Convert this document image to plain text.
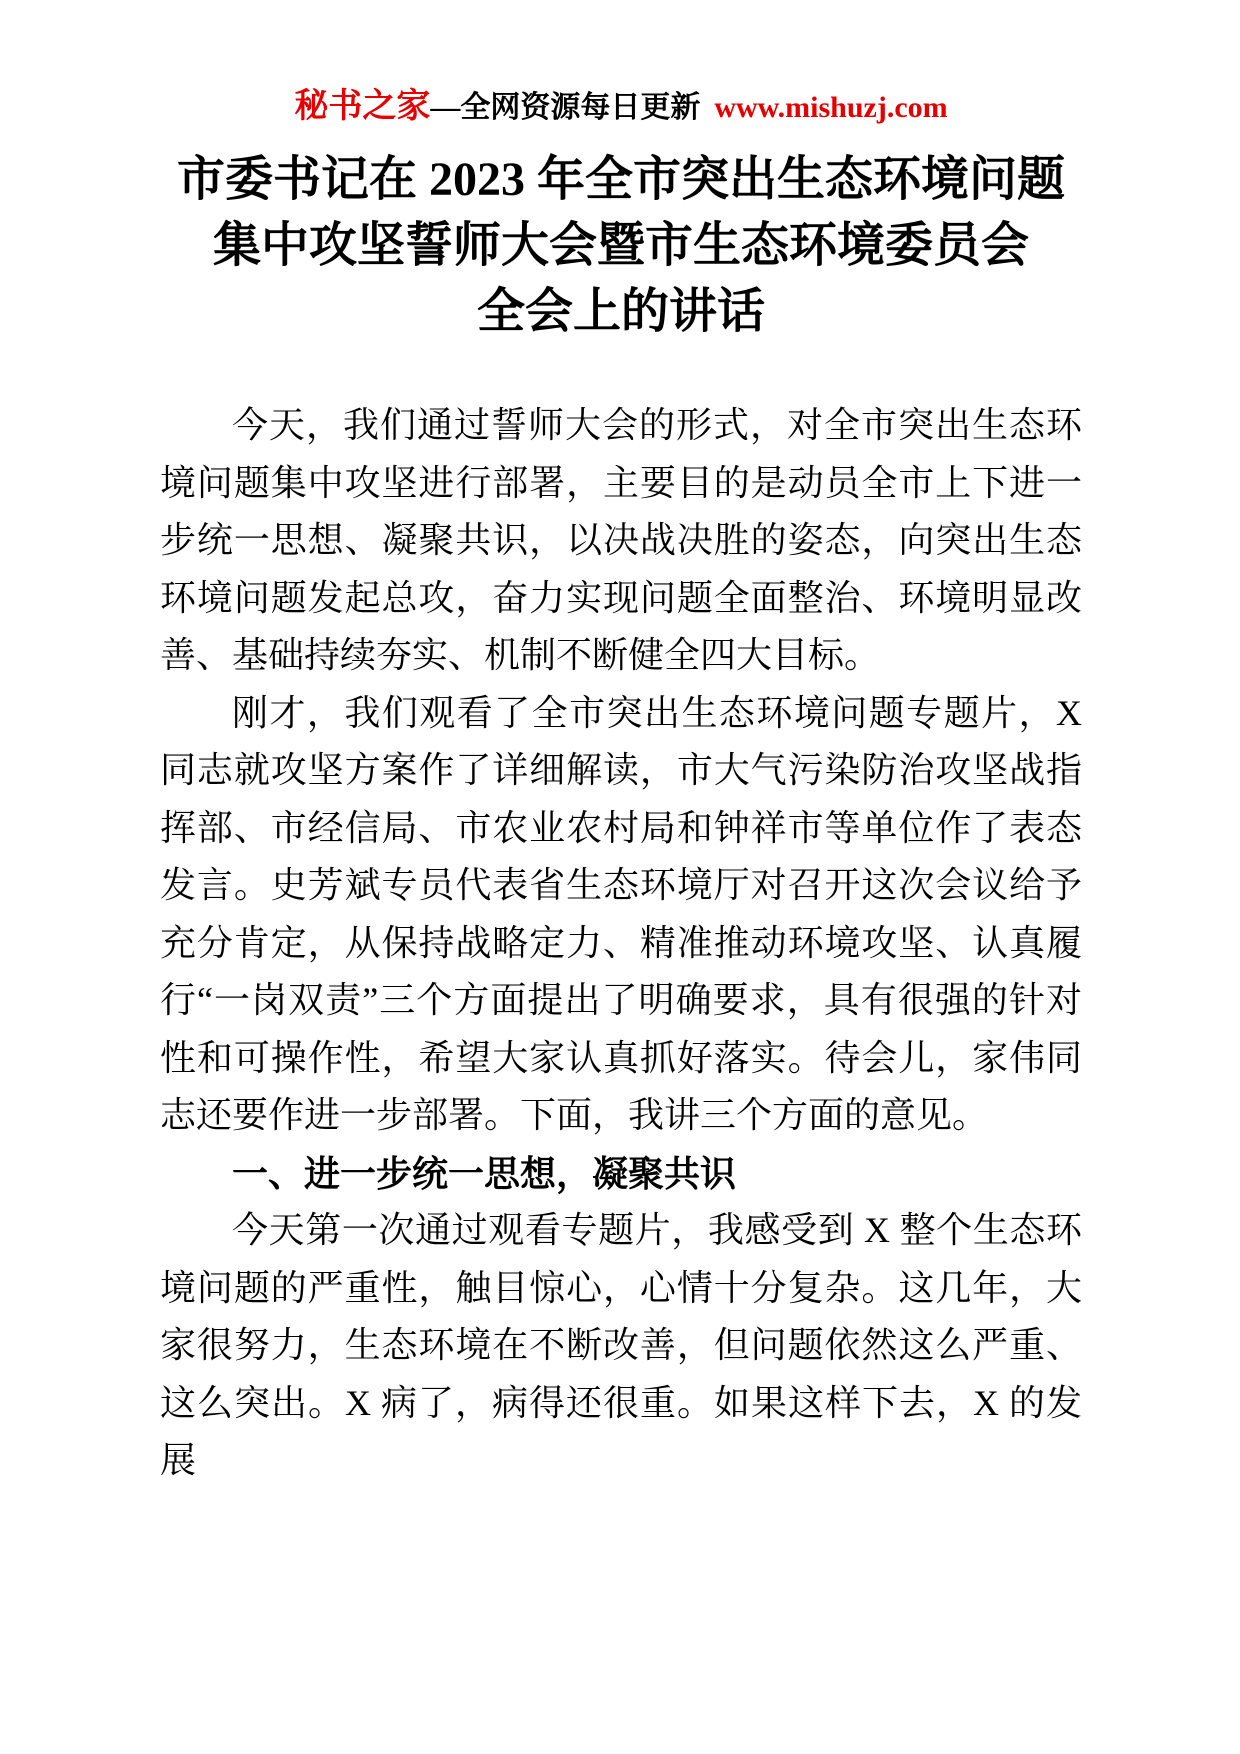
秘书之家—全网资源每日更新 www.mishuzj.com
市委书记在 2023 年全市突出生态环境问题
集中攻坚誓师大会暨市生态环境委员会
全会上的讲话

今天，我们通过誓师大会的形式，对全市突出生态环境问题集中攻坚进行部署，主要目的是动员全市上下进一步统一思想、凝聚共识，以决战决胜的姿态，向突出生态环境问题发起总攻，奋力实现问题全面整治、环境明显改善、基础持续夯实、机制不断健全四大目标。

刚才，我们观看了全市突出生态环境问题专题片，X 同志就攻坚方案作了详细解读，市大气污染防治攻坚战指挥部、市经信局、市农业农村局和钟祥市等单位作了表态发言。史芳斌专员代表省生态环境厅对召开这次会议给予充分肯定，从保持战略定力、精准推动环境攻坚、认真履行“一岗双责”三个方面提出了明确要求，具有很强的针对性和可操作性，希望大家认真抓好落实。待会儿，家伟同志还要作进一步部署。下面，我讲三个方面的意见。

一、进一步统一思想，凝聚共识

今天第一次通过观看专题片，我感受到 X 整个生态环境问题的严重性，触目惊心，心情十分复杂。这几年，大家很努力，生态环境在不断改善，但问题依然这么严重、这么突出。X 病了，病得还很重。如果这样下去，X 的发展
